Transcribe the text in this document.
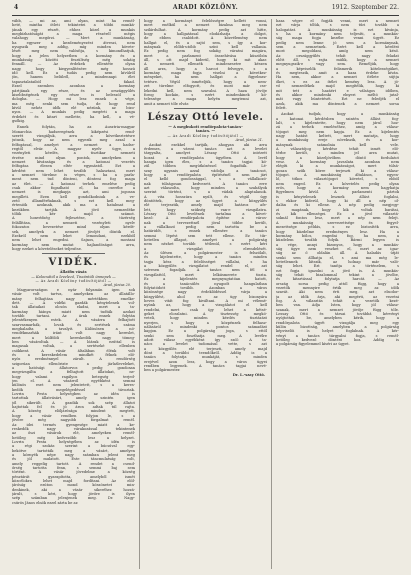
4	ARADI KÖZLÖNY.	1912. Szeptember 22.
vább, — mi az, ami olyan, mint ha remél-
heté, mintha ötleti tekintetei a többi munká-
jának egy részét, ehhez közel a munkás
megbízhatóságát a maga részéről mégis
valahogy megőrzi. — Mert a munkásság,
ha egyszer a kezdeményezést átveszi, nem
nyugszik meg addig, míg minden követe-
lését meg nem valósítja, s kimondhatjuk,
hogy a jelen helyzetben a kormány és a
munkásság közötti feszültség még sokáig
fennáll. — Az érdekek ellentéte olyan
nagy, hogy kiegyenlítésére még hosszú
idő kell. Ez a tudás pedig nem kívülről
jön, hanem belülről, a mindennapi élet
tapasztalataiból fakad.
Ezzel szemben azonban a kormány
pártjának egy része, és az országgyűlés
kisebbségének egy része is beleszól a
dologba. — Hogy mi lesz ennek a vége,
ma még senki sem tudja, de hogy rend
kívül nehéz idők elé nézünk, az bizo-
nyos. — A munkás pedig megérti a maga
érdekét és kitart mellette, ha kell, a vé-
gsőkig.
Ennek folytán, ha az Ausztria-magyar
Monarchia hadseregének kiképzési rend-
szerét vizsgáljuk, arra a következtetésre
jutunk, hogy az nem egyezik meg azzal a
felfogással, amelyet a nemzet a hadse-
regtől elvár. A magyar nyelv ügye, a
vezényleti kérdés, a tisztikar nemzeti
érzése mind olyan pontok, amelyeken a
nemzet kívánsága és a katonai vezetés
felfogása élesen eltér egymástól. Ezt a
kérdést nem lehet tovább halasztani, mert
a nemzet türelme is véges, s ha a parla-
ment nem tud dönteni, dönteni fog maga
az élet. — A katonai terhek emelése pedig
csak akkor fogadható el, ha cserébe a
nemzet is megkapja azt, ami jogosan
megilleti. Ezen kell gondolkodniuk a ve-
zető államférfiaknak, s ezt kell meg-
érteniök azoknak, akik ma a hatalmat a
kezükben tartják. A jövő nemzedéke
tőlük kér majd számot.
A honvédség fejlesztése, a tüzérség
felállítása, a nemzeti vezényleti nyelv
fokozatos bevezetése mind olyan kérdé-
sek, amelyek a nemzet jövőjét döntik el.
Ezekről nem lehet lemondani, ezekből
nem lehet engedni. Sajnos, a mostani
kormány nem mutat hajlandóságot arra,
hogy ezeket a követeléseket teljesítse.
VIDÉK.
Állatfiu vásár.
— Kalocsától a levelező, Tiszántúli ünnepek —
— Az Aradi Közlöny tudósítójától —
Arad, június 20.
Magyarországon e nyár folyamán igen sok
vásár volt tartva, amelyeken az állatállo-
mány felhajtása nagy mértékben emelke-
dett. — A vidéki gazdák kénytelenek vol-
tak állataikat olcsón eladni, mert a ta-
karmány hiánya miatt nem tudták azokat
tovább tartani. Az árak ennek folytán
jelentékenyen estek. A vásárra felhajtott
szarvasmarhák, lovak és sertések száma
meghaladta a tavalyit. Különösen a nö-
vendékmarhák iránt volt nagy kereslet,
mert a külföldi kereskedők nagy tömeg-
ben vásároltak. — A lóárak ezúttal is
magasak voltak, a sertéseké ellenben
csökkent. A vásár általában élénk volt
és a kereskedelem mindkét félnek elő-
nyös eredménnyel zárult. A rendőrség
szigorúan ellenőrizte a járlatleveleket,
a hatósági állatorvos pedig gondosan
megvizsgálta a felhajtott állatokat, ne-
hogy valami ragályos betegség terjed-
jen el. A vásárról egyébként semmi
különös eset nem jelentetett, s a keres-
kedők megelégedéssel távoztak.
Lovrin Pesta helységben az idén is
tartottak állatvásárt, amely szintén igen
jól sikerült. A gazdák sok szép állatot
hajtottak fel és jó áron adtak túl rajta.
A község elöljárósága mindent megtett,
hogy a vásár rendben folyjon le, s a
jövőre még nagyobb forgalmat remél.
Az idei termés gyengesége miatt a ke-
reskedők nagy várakozással tekintenek
az őszi vásárok elé, amelyeken remél-
hetőleg még kedvezőbb lesz a helyzet.
Lovrin Pesta helységében az idén is
a régi szokás szerint a búcsúval egy-
bekötve tartották meg a vásárt, amelyen
a környék népe nagy számban jelent meg
és jól mulatott. Este táncmulatság volt,
amely reggelig tartott. A rendet a csend-
őrség tartotta fenn, s semmi baj sem
történt. A vásár jövedelme a község
pénztárát gyarapította, amelyből ismét
közcélokra lehet majd fordítani. Az elöl-
járóság ezúton mond köszönetet min-
denkinek, aki a vásár sikeréhez hozzá-
járult, s kéri, hogy jövőre is ilyen
szép számban jelenjenek meg. Dr. Nagy-
csürös János elnök ezzel zárta be az
hogy a kormányt felelősségre kellett vonni,
mert enélkül a nemzet bizalma meg nem
szilárdulhat. A kormány pedig azt hitte,
hogy a hallgatással elodázhatja a dolgot,
de ebben csalódott. A közvélemény nem
hallgat el, és a sajtó sem, s így a kor-
mánynak előbb-utóbb színt kell vallania.
Ez pedig nem fog sokáig váratni magára,
mert a parlament összehívása küszöbön
áll, s ott majd kiderül, hogy ki mit akar.
A nemzeti ellenzék mindenesetre készen
áll arra, hogy a harcot felvegye, s a
kormány maga fogja viselni a következ-
ményeket, ha nem hallgat a figyelmez-
tetésre. Végül ismételjük, hogy a nem-
zet türelme elfogyott, és most már cse-
lekedni kell, nem szavalni. A haza jövője
forog kockán, s ezért mindenkinek kö-
telessége a maga helyén megtenni azt,
amit a nemzet tőle elvár.
Lészay Ottó levele.
— A megbukott rendőrpalota-tanács-
tanács. —
— Az Aradi Közlöny tudósítójától —
Arad, június 21.
Azokat ezekkel tartják, ahogyan aki arra
érdemes, a városi tanács azt a levelet
tárgyalta, amelyet Lészay Ottó intézett
hozzá a rendőrpalota ügyében. A levél
hangja igen éles, s a tanács tagjai kö-
zül többen megütközéssel fogadták. Lé-
szay ugyanis azzal vádolja a tanácsot,
hogy a rendőrpalota építésénél nem járt
el kellő gondossággal, s a vállalkozó-
nak túlságosan kedvezett. A tanács erre
azt válaszolta, hogy minden a szabályok
szerint történt, s a vádak alaptalanok.
A vita hosszúra nyúlt, és végül úgy
döntöttek, hogy az ügyet a közgyűlés
elé terjesztik, amely majd határoz afe-
lett, hogy szükség van-e vizsgálatra.
Lészay Ottó levelének tartalma a követ-
kező: A rendőrpalota építése a város-
nak a tervezettnél jóval többe került,
a vállalkozó pedig nem tartotta be a
határidőt, s ennek ellenére a tanács
semmi lépést sem tett ellene. Ez tűr-
hetetlen állapot, amelyet a polgárság
nem nézhet tovább tétlenül, s ezért kéri
a vizsgálat elrendelését.
Az ülésen a polgármester is felszólalt,
és kijelentette, hogy a tanács minden
tagja kész a felelősséget vállalni, s ha
a közgyűlés vizsgálatot rendel el, azt
szívesen fogadják. A tanács nem fél a
vizsgálattól, mert lelkiismerete tiszta.
Ez a kijelentés megnyugtatóan hatott,
és a tanácsülés nyugodt hangulatban
folytatódott tovább. Azonban a város
közönsége nagy érdeklődéssel várja a
közgyűlést, ahol ez az ügy bizonyára
heves vitát fog kiváltani. A mi vélemé-
nyünk az, hogy a vizsgálatot el kell
rendelni, mert csak így lehet a kétsé-
geket eloszlatni. A tisztesség megkö-
veteli, hogy minden kérdés tisztázást
nyerjen, s hogy a közpénzek felhasz-
nálásáról mindenki pontos számadást
kapjon. Ez a polgárság joga, s ettől
senki sem foszthatja meg. A levélre
adott válasz egyébként így szól: A ta-
nács a levelet tudomásul vette, s azt
a közgyűlés elé terjeszti, amely majd
dönt a további teendőkről. Addig is a
tanács folytatja munkáját, s minden
erejével azon lesz, hogy a város ügyei
rendben legyenek. A tanács tagjai nevé-
ben a polgármester.
Dr. L.-szay Ottó.
haza végre el fogják venni, mert a nemzet
ezt várja tőlük, s nem tűri tovább a
halogatást. A munkásság is ezt kívánja,
s ha a kormány nem teljesíti, a munkás-
ság maga fogja kezébe venni ügyét. Ez
pedig nem lenne jó sem a kormánynak,
sem a nemzetnek. Ezért kell a kérdést
most megoldani, amíg nem késő.
Az országgyűlés tehát nagy feladat
előtt áll, s rajta múlik, hogy a nemzet
megnyugszik-e vagy sem. Reméljük, hogy
a képviselők felismerik kötelességüket,
és megteszik, amit a haza érdeke kíván.
Ha nem, akkor a nemzet ítélete sújtja
őket, s ez az ítélet kemény lesz. A jö-
vő nemzedékek majd megítélik, hogy ki
mit tett a hazáért e válságos időben,
és akkor mindenki elnyeri méltó jutal-
mát vagy büntetését. Ezt ne feledjék el
azok, akik ma döntenek a nemzet sorsa
felett.
Azokat tudjuk, hogy a munkásság
a katonai kérdésben szintén állást fog-
lalt, s kijelentette, hogy nem járul hoz-
zá a terhek emeléséhez, amíg a válasz-
tójogot meg nem kapja. Ez a kijelentés
nagy hatást keltett, mert mutatja, hogy
a munkásság ereje növekszik, és a kor-
mánynak számolnia kell vele.
A választójog kérdése tehát ismét elő-
térbe került, s minden jel arra mutat,
hogy a közeljövőben döntő fordulatot
vesz. A kormány javaslata azonban nem
elégíti ki a munkásságot, mert túlsá-
gosan szűk körre terjeszti ki a válasz-
tójogot. A munkásság általános, egyen-
lő, titkos választójogot követel, s ebből
nem enged. Ez a követelés pedig olyan
erős, hogy a kormány nem hagyhatja
figyelmen kívül. A parlamenti pártok
is kénytelenek lesznek állást foglalni,
s ekkor kiderül, hogy ki áll a nép ol-
dalán és ki ellene. A nép pedig megjegy-
zi magának, hogy kik voltak barátai,
és kik ellenségei. Ez a jövő választá-
soknál fontos lesz, mert a nép nem felejt.
A munkásság szervezettsége és fegyel-
mezettsége példás, s ez biztosíték arra,
hogy küzdelme eredményes lesz. Ha a
kormány bölcs, engedni fog, ha nem, a
küzdelem tovább folyik. Bármi legyen is
a vége, annyi bizonyos, hogy a munkás-
ság ügye nem veszhet el, mert az igaz-
ság az ő oldalán áll. A haladás útját
senki sem állhatja el, s ami ma még le-
hetetlennek látszik, az holnap már való-
ság lehet. Ezt tanítja a történelem, s
ezt fogja igazolni a jövő is. A munkás-
ság tehát bizalommal tekint a jövőbe,
és kitartással folytatja harcát. — Az
ország sorsa pedig attól függ, hogy a
vezetők mennyire értik meg az idők
szavát. Aki nem érti meg, azt elsodor-
ja az idők árja, aki megérti, az vezetni
fog. A választás tehát a vezetők kezé-
ben van. Adja Isten, hogy jól válasz-
szanak, mert a nemzet jövője függ tőle.
Lessay Ottó és társai továbbá kérvényt
nyújtottak be, amelyben kérik, hogy a
rendőrpalota ügyét vizsgálja meg egy
külön bizottság, amelyben a polgárság
képviselői is helyet foglalnak. A kér-
vényt a tanács tárgyalni fogja, s remél-
hetőleg kedvező döntést hoz. Addig is
a polgárság figyelemmel kíséri az ügyet.
